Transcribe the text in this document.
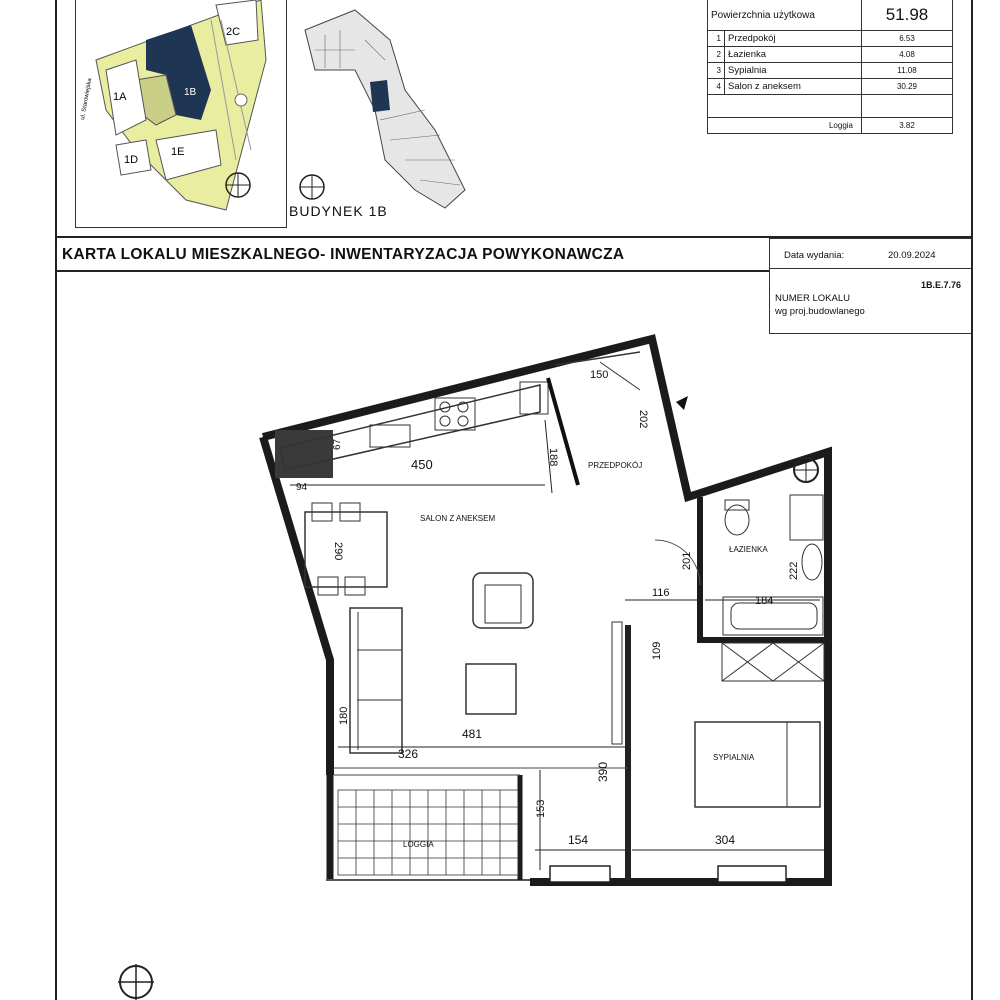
2C
1A	1B
1D
1E
ul. Starowiejska
BUDYNEK 1B
Powierzchnia użytkowa		51.98
1	Przedpokój	6.53
2	Łazienka	4.08
3	Sypialnia	11.08
4	Salon z aneksem	30.29

Loggia		3.82
KARTA LOKALU MIESZKALNEGO- INWENTARYZACJA POWYKONAWCZA	Data wydania:	20.09.2024
1B.E.7.76
NUMER LOKALU
wg proj.budowlanego
450
94
67
188
150
202
290
201
222
116
184
109
180
326
481
390
153
154	304
SALON Z ANEKSEM
PRZEDPOKÓJ
ŁAZIENKA
SYPIALNIA
LOGGIA
